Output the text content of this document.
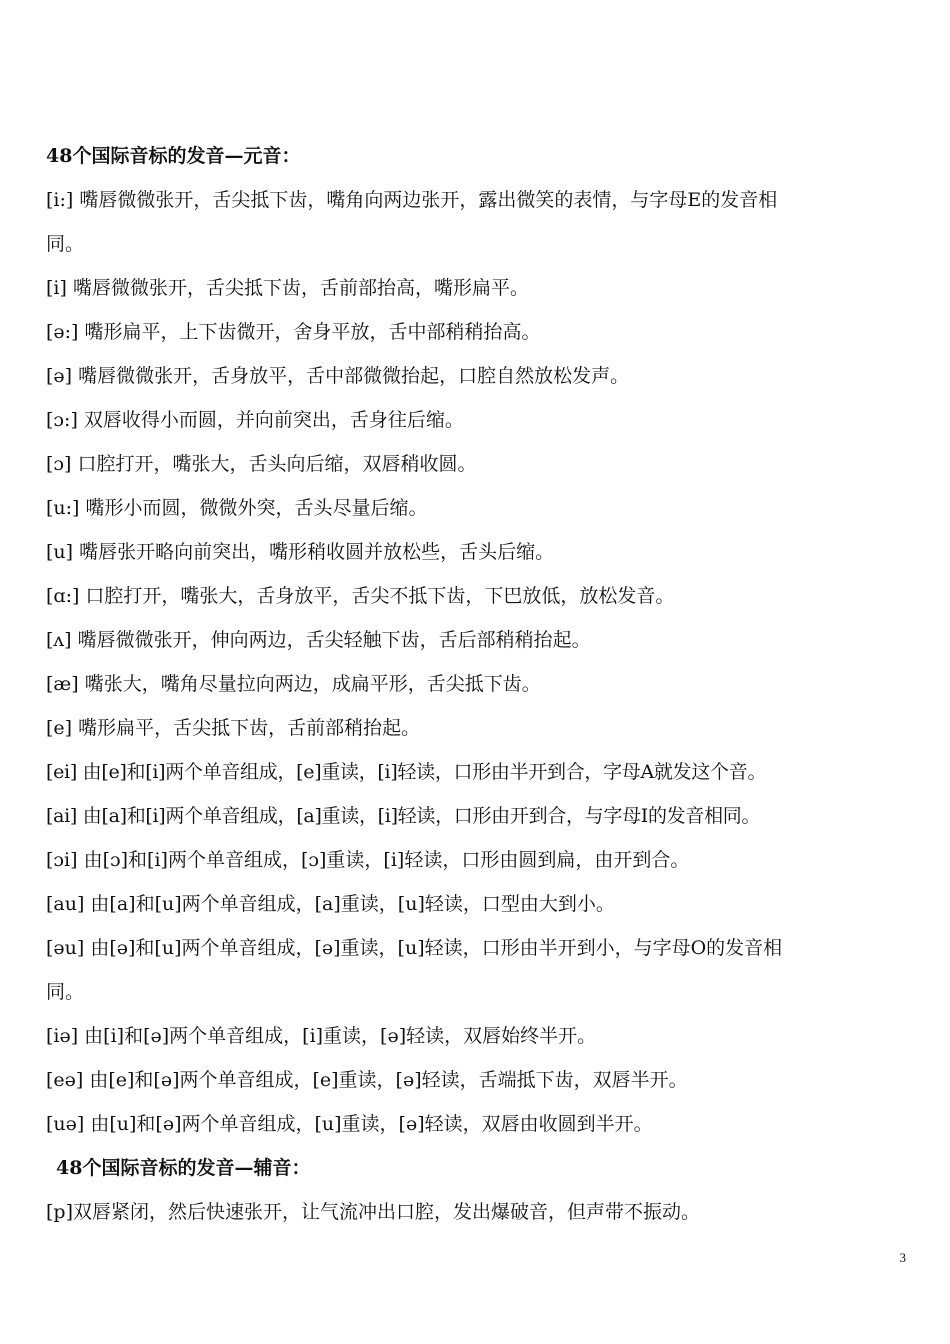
48个国际音标的发音—元音：
[i:] 嘴唇微微张开，舌尖抵下齿，嘴角向两边张开，露出微笑的表情，与字母E的发音相
同。
[i] 嘴唇微微张开，舌尖抵下齿，舌前部抬高，嘴形扁平。
[ə:] 嘴形扁平，上下齿微开，舍身平放，舌中部稍稍抬高。
[ə] 嘴唇微微张开，舌身放平，舌中部微微抬起，口腔自然放松发声。
[ɔ:] 双唇收得小而圆，并向前突出，舌身往后缩。
[ɔ] 口腔打开，嘴张大，舌头向后缩，双唇稍收圆。
[u:] 嘴形小而圆，微微外突，舌头尽量后缩。
[u] 嘴唇张开略向前突出，嘴形稍收圆并放松些，舌头后缩。
[ɑ:] 口腔打开，嘴张大，舌身放平，舌尖不抵下齿，下巴放低，放松发音。
[ʌ] 嘴唇微微张开，伸向两边，舌尖轻触下齿，舌后部稍稍抬起。
[æ] 嘴张大，嘴角尽量拉向两边，成扁平形，舌尖抵下齿。
[e] 嘴形扁平，舌尖抵下齿，舌前部稍抬起。
[ei] 由[e]和[i]两个单音组成，[e]重读，[i]轻读，口形由半开到合，字母A就发这个音。
[ai] 由[a]和[i]两个单音组成，[a]重读，[i]轻读，口形由开到合，与字母I的发音相同。
[ɔi] 由[ɔ]和[i]两个单音组成，[ɔ]重读，[i]轻读，口形由圆到扁，由开到合。
[au] 由[a]和[u]两个单音组成，[a]重读，[u]轻读，口型由大到小。
[əu] 由[ə]和[u]两个单音组成，[ə]重读，[u]轻读，口形由半开到小，与字母O的发音相
同。
[iə] 由[i]和[ə]两个单音组成，[i]重读，[ə]轻读，双唇始终半开。
[eə] 由[e]和[ə]两个单音组成，[e]重读，[ə]轻读，舌端抵下齿，双唇半开。
[uə] 由[u]和[ə]两个单音组成，[u]重读，[ə]轻读，双唇由收圆到半开。
48个国际音标的发音—辅音：
[p]双唇紧闭，然后快速张开，让气流冲出口腔，发出爆破音，但声带不振动。
3
